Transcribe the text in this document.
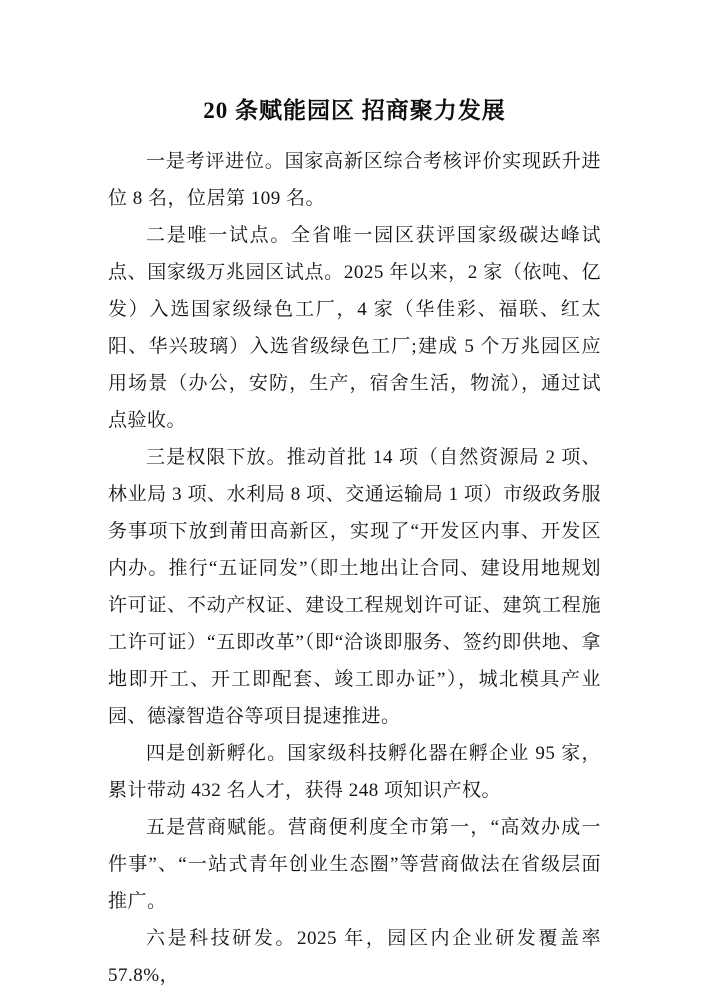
20 条赋能园区 招商聚力发展

一是考评进位。国家高新区综合考核评价实现跃升进位 8 名，位居第 109 名。

二是唯一试点。全省唯一园区获评国家级碳达峰试点、国家级万兆园区试点。2025 年以来，2 家（依吨、亿发）入选国家级绿色工厂，4 家（华佳彩、福联、红太阳、华兴玻璃）入选省级绿色工厂;建成 5 个万兆园区应用场景（办公，安防，生产，宿舍生活，物流），通过试点验收。

三是权限下放。推动首批 14 项（自然资源局 2 项、林业局 3 项、水利局 8 项、交通运输局 1 项）市级政务服务事项下放到莆田高新区，实现了“开发区内事、开发区内办。推行“五证同发”（即土地出让合同、建设用地规划许可证、不动产权证、建设工程规划许可证、建筑工程施工许可证）“五即改革”（即“洽谈即服务、签约即供地、拿地即开工、开工即配套、竣工即办证”），城北模具产业园、德濠智造谷等项目提速推进。

四是创新孵化。国家级科技孵化器在孵企业 95 家，累计带动 432 名人才，获得 248 项知识产权。

五是营商赋能。营商便利度全市第一，“高效办成一件事”、“一站式青年创业生态圈”等营商做法在省级层面推广。

六是科技研发。2025 年，园区内企业研发覆盖率 57.8%，
